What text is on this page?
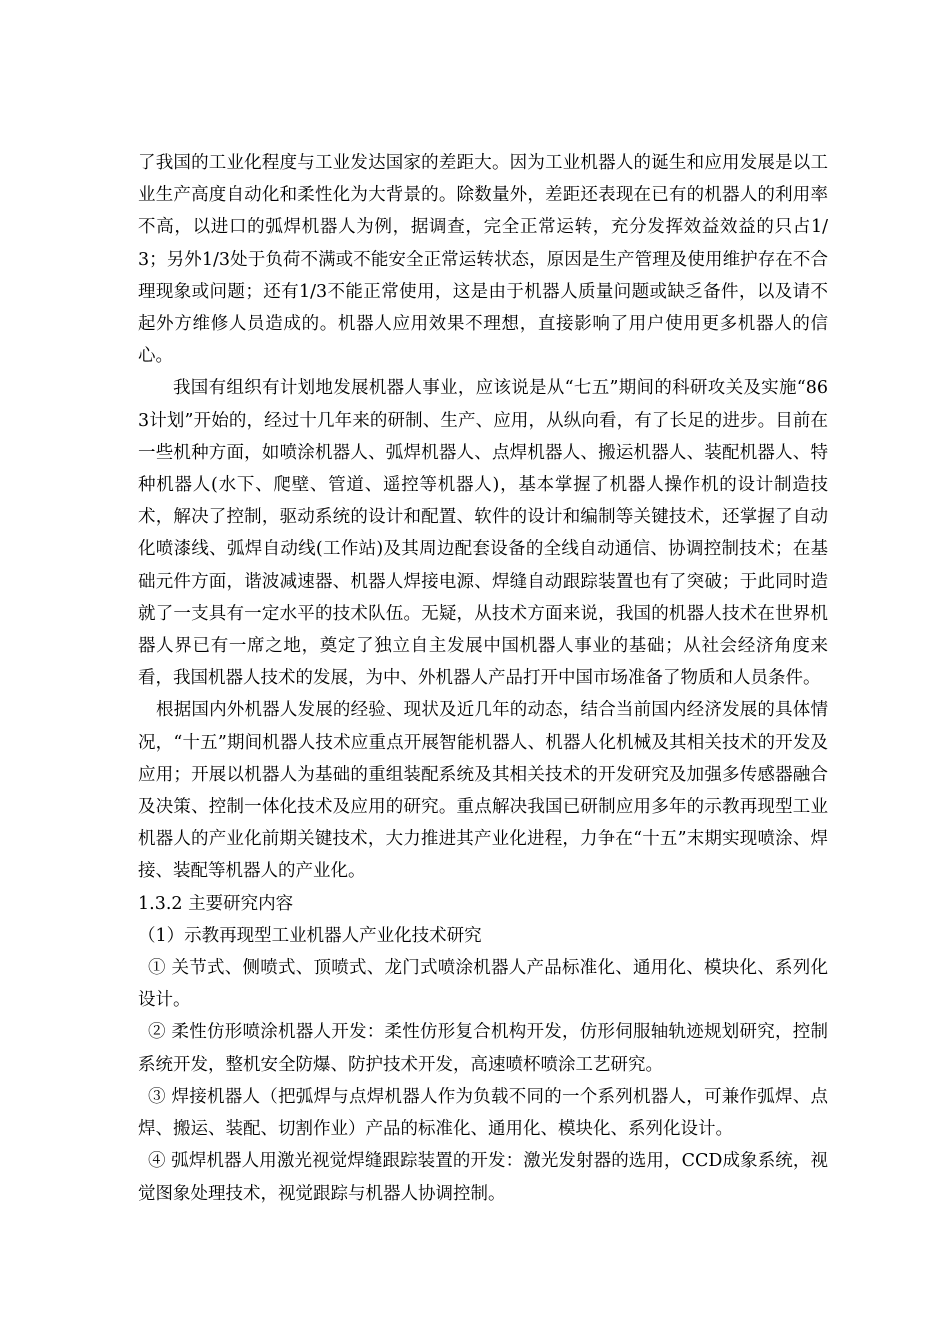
了我国的工业化程度与工业发达国家的差距大。因为工业机器人的诞生和应用发展是以工业生产高度自动化和柔性化为大背景的。除数量外，差距还表现在已有的机器人的利用率不高，以进口的弧焊机器人为例，据调查，完全正常运转，充分发挥效益效益的只占1/3；另外1/3处于负荷不满或不能安全正常运转状态，原因是生产管理及使用维护存在不合理现象或问题；还有1/3不能正常使用，这是由于机器人质量问题或缺乏备件，以及请不起外方维修人员造成的。机器人应用效果不理想，直接影响了用户使用更多机器人的信心。

我国有组织有计划地发展机器人事业，应该说是从“七五”期间的科研攻关及实施“863计划”开始的，经过十几年来的研制、生产、应用，从纵向看，有了长足的进步。目前在一些机种方面，如喷涂机器人、弧焊机器人、点焊机器人、搬运机器人、装配机器人、特种机器人(水下、爬壁、管道、遥控等机器人)，基本掌握了机器人操作机的设计制造技术，解决了控制，驱动系统的设计和配置、软件的设计和编制等关键技术，还掌握了自动化喷漆线、弧焊自动线(工作站)及其周边配套设备的全线自动通信、协调控制技术；在基础元件方面，谐波减速器、机器人焊接电源、焊缝自动跟踪装置也有了突破；于此同时造就了一支具有一定水平的技术队伍。无疑，从技术方面来说，我国的机器人技术在世界机器人界已有一席之地，奠定了独立自主发展中国机器人事业的基础；从社会经济角度来看，我国机器人技术的发展，为中、外机器人产品打开中国市场准备了物质和人员条件。

根据国内外机器人发展的经验、现状及近几年的动态，结合当前国内经济发展的具体情况，“十五”期间机器人技术应重点开展智能机器人、机器人化机械及其相关技术的开发及应用；开展以机器人为基础的重组装配系统及其相关技术的开发研究及加强多传感器融合及决策、控制一体化技术及应用的研究。重点解决我国已研制应用多年的示教再现型工业机器人的产业化前期关键技术，大力推进其产业化进程，力争在“十五”末期实现喷涂、焊接、装配等机器人的产业化。

1.3.2 主要研究内容

（1）示教再现型工业机器人产业化技术研究

① 关节式、侧喷式、顶喷式、龙门式喷涂机器人产品标准化、通用化、模块化、系列化设计。

② 柔性仿形喷涂机器人开发：柔性仿形复合机构开发，仿形伺服轴轨迹规划研究，控制系统开发，整机安全防爆、防护技术开发，高速喷杯喷涂工艺研究。

③ 焊接机器人（把弧焊与点焊机器人作为负载不同的一个系列机器人，可兼作弧焊、点焊、搬运、装配、切割作业）产品的标准化、通用化、模块化、系列化设计。

④ 弧焊机器人用激光视觉焊缝跟踪装置的开发：激光发射器的选用，CCD成象系统，视觉图象处理技术，视觉跟踪与机器人协调控制。
